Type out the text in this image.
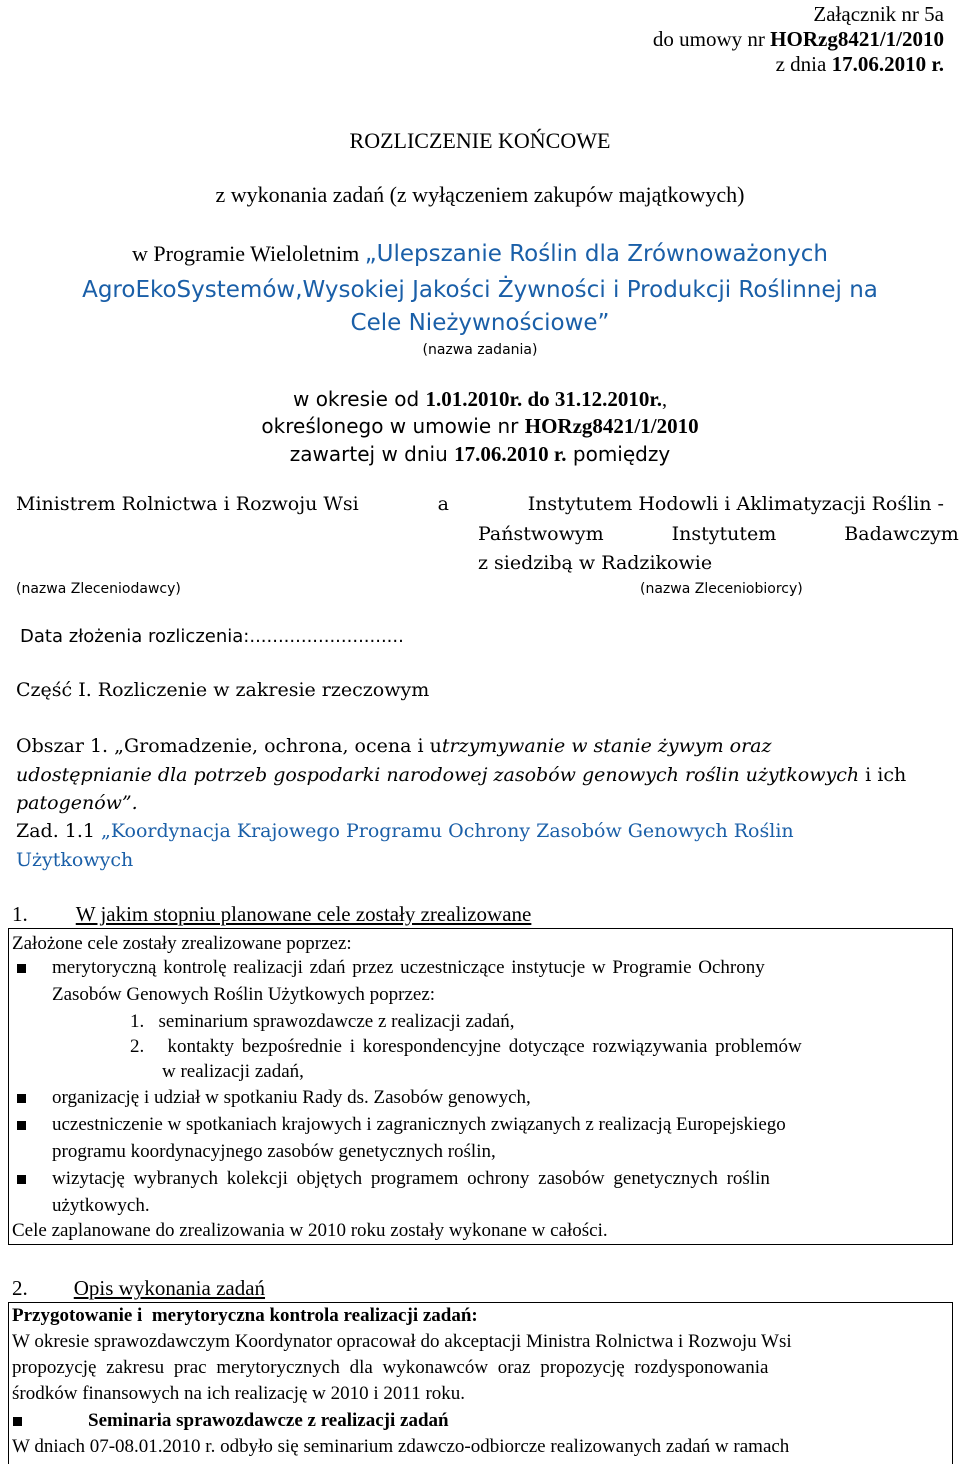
Załącznik nr 5a
do umowy nr HORzg8421/1/2010
z dnia 17.06.2010 r.
ROZLICZENIE KOŃCOWE
z wykonania zadań (z wyłączeniem zakupów majątkowych)
w Programie Wieloletnim „Ulepszanie Roślin dla Zrównoważonych
AgroEkoSystemów,Wysokiej Jakości Żywności i Produkcji Roślinnej na
Cele Nieżywnościowe”
(nazwa zadania)
w okresie od 1.01.2010r. do 31.12.2010r.,
określonego w umowie nr HORzg8421/1/2010
zawartej w dniu 17.06.2010 r. pomiędzy
Ministrem Rolnictwa i Rozwoju Wsi	a	Instytutem Hodowli i Aklimatyzacji Roślin -
Państwowym Instytutem Badawczym
z siedzibą w Radzikowie
(nazwa Zleceniodawcy)	(nazwa Zleceniobiorcy)
Data złożenia rozliczenia:...........................
Część I. Rozliczenie w zakresie rzeczowym
Obszar 1. „Gromadzenie, ochrona, ocena i u trzymywanie w stanie żywym oraz
udostępnianie dla potrzeb gospodarki narodowej zasobów genowych roślin użytkowych i ich
patogenów”.
Zad. 1.1 „Koordynacja Krajowego Programu Ochrony Zasobów Genowych Roślin
Użytkowych
1. W jakim stopniu planowane cele zostały zrealizowane
Założone cele zostały zrealizowane poprzez:
merytoryczną kontrolę realizacji zdań przez uczestniczące instytucje w Programie Ochrony
Zasobów Genowych Roślin Użytkowych poprzez:
1.   seminarium sprawozdawcze z realizacji zadań,
2.   kontakty bezpośrednie i korespondencyjne dotyczące rozwiązywania problemów
w realizacji zadań,
organizację i udział w spotkaniu Rady ds. Zasobów genowych,
uczestniczenie w spotkaniach krajowych i zagranicznych związanych z realizacją Europejskiego
programu koordynacyjnego zasobów genetycznych roślin,
wizytację wybranych kolekcji objętych programem ochrony zasobów genetycznych roślin
użytkowych.
Cele zaplanowane do zrealizowania w 2010 roku zostały wykonane w całości.
2. Opis wykonania zadań
Przygotowanie i  merytoryczna kontrola realizacji zadań:
W okresie sprawozdawczym Koordynator opracował do akceptacji Ministra Rolnictwa i Rozwoju Wsi
propozycję zakresu prac merytorycznych dla wykonawców oraz propozycję rozdysponowania
środków finansowych na ich realizację w 2010 i 2011 roku.
Seminaria sprawozdawcze z realizacji zadań
W dniach 07-08.01.2010 r. odbyło się seminarium zdawczo-odbiorcze realizowanych zadań w ramach
